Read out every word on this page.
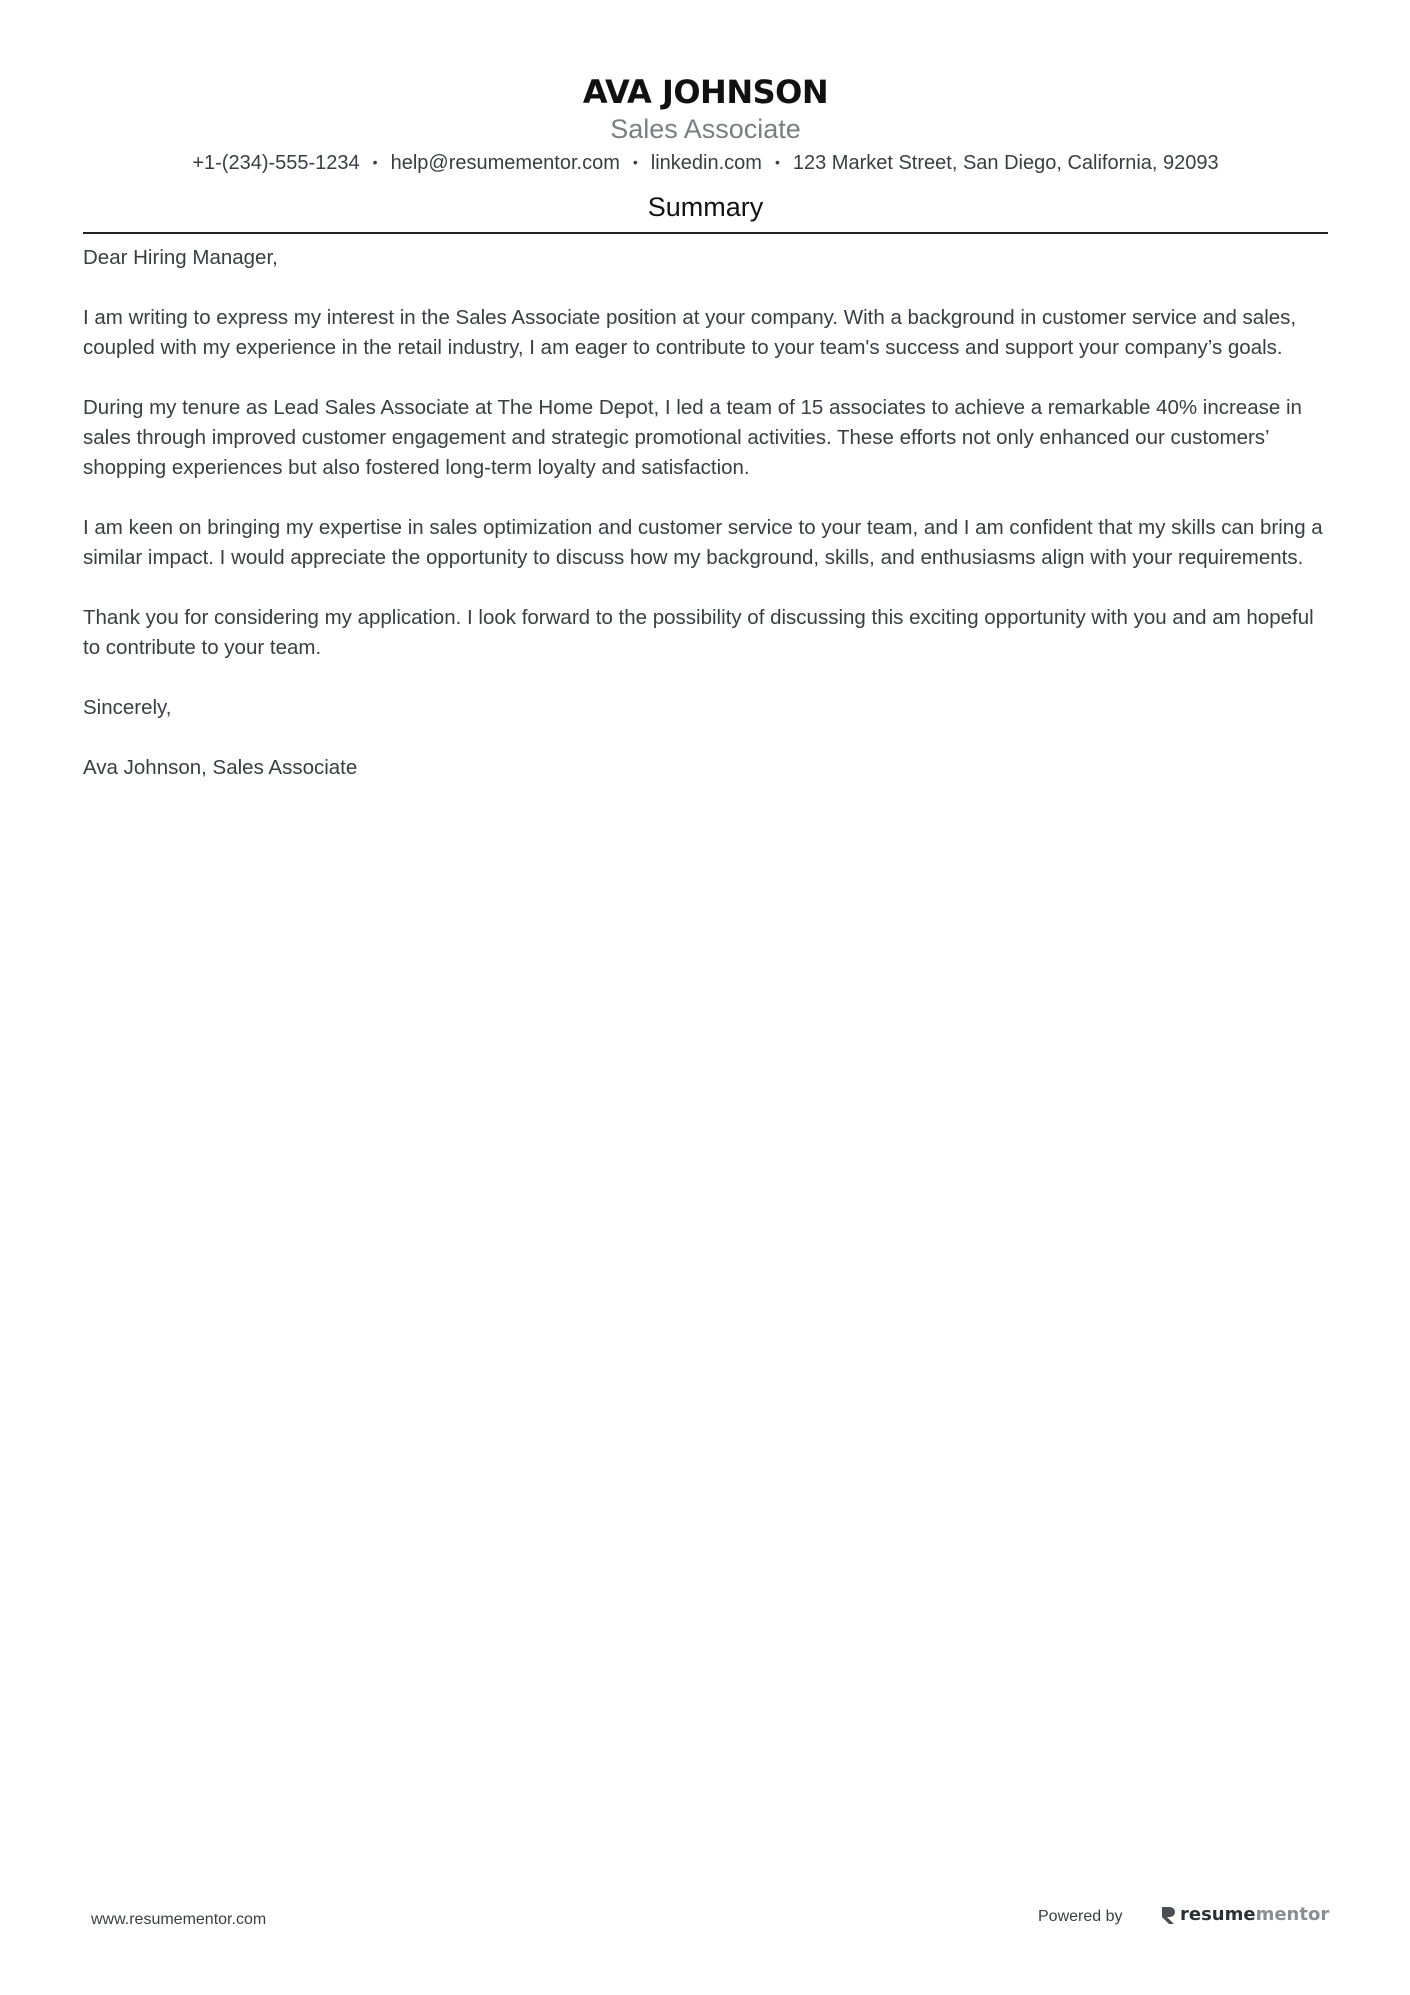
AVA JOHNSON
Sales Associate
+1-(234)-555-1234 • help@resumementor.com • linkedin.com • 123 Market Street, San Diego, California, 92093
Summary

Dear Hiring Manager,

I am writing to express my interest in the Sales Associate position at your company. With a background in customer service and sales, coupled with my experience in the retail industry, I am eager to contribute to your team's success and support your company’s goals.

During my tenure as Lead Sales Associate at The Home Depot, I led a team of 15 associates to achieve a remarkable 40% increase in sales through improved customer engagement and strategic promotional activities. These efforts not only enhanced our customers’ shopping experiences but also fostered long-term loyalty and satisfaction.

I am keen on bringing my expertise in sales optimization and customer service to your team, and I am confident that my skills can bring a similar impact. I would appreciate the opportunity to discuss how my background, skills, and enthusiasms align with your requirements.

Thank you for considering my application. I look forward to the possibility of discussing this exciting opportunity with you and am hopeful to contribute to your team.

Sincerely,

Ava Johnson, Sales Associate

www.resumementor.com	Powered by	resume mentor
